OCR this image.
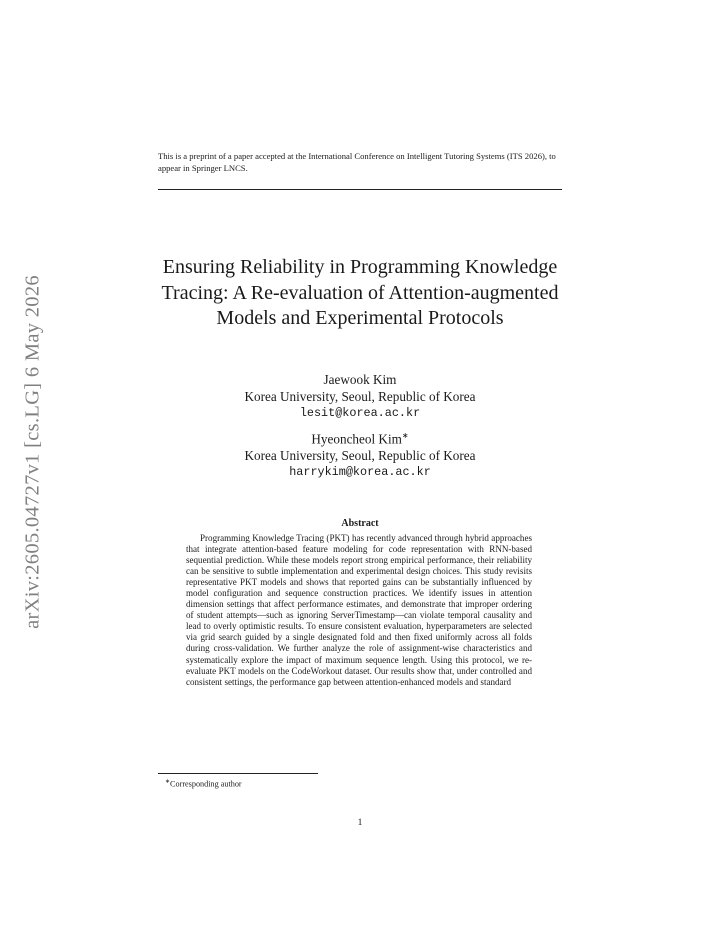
arXiv:2605.04727v1 [cs.LG] 6 May 2026

This is a preprint of a paper accepted at the International Conference on Intelligent Tutoring Systems (ITS 2026), to appear in Springer LNCS.

Ensuring Reliability in Programming Knowledge Tracing: A Re-evaluation of Attention-augmented Models and Experimental Protocols
Jaewook Kim
Korea University, Seoul, Republic of Korea
lesit@korea.ac.kr
Hyeoncheol Kim∗
Korea University, Seoul, Republic of Korea
harrykim@korea.ac.kr
Abstract

Programming Knowledge Tracing (PKT) has recently advanced through hybrid approaches that integrate attention-based feature modeling for code representation with RNN-based sequential prediction. While these models report strong empirical performance, their reliability can be sensitive to subtle implementation and experimental design choices. This study revisits representative PKT models and shows that reported gains can be substantially influenced by model configuration and sequence construction practices. We identify issues in attention dimension settings that affect performance estimates, and demonstrate that improper ordering of student attempts—such as ignoring ServerTimestamp—can violate temporal causality and lead to overly optimistic results. To ensure consistent evaluation, hyperparameters are selected via grid search guided by a single designated fold and then fixed uniformly across all folds during cross-validation. We further analyze the role of assignment-wise characteristics and systematically explore the impact of maximum sequence length. Using this protocol, we re-evaluate PKT models on the CodeWorkout dataset. Our results show that, under controlled and consistent settings, the performance gap between attention-enhanced models and standard

∗Corresponding author

1
